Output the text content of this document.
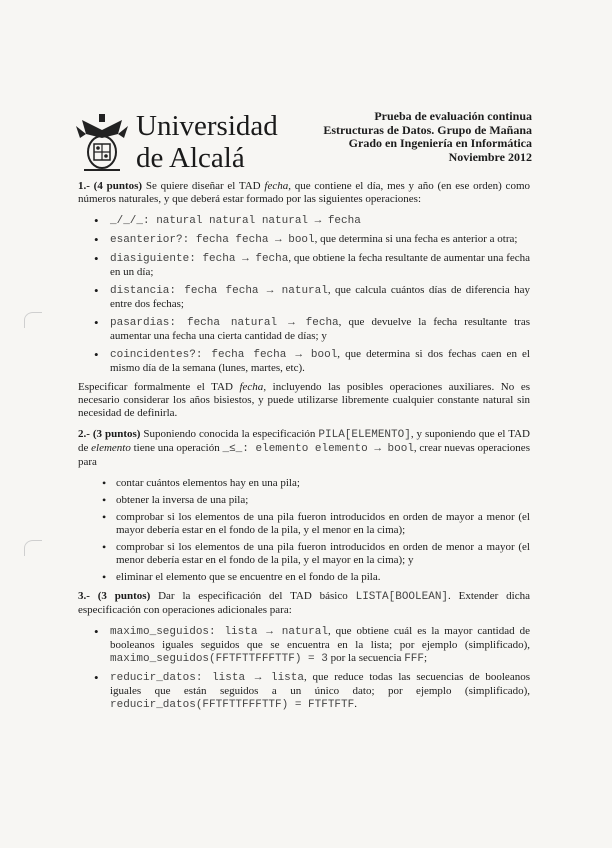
Universidad
de Alcalá
Prueba de evaluación continua
Estructuras de Datos. Grupo de Mañana
Grado en Ingeniería en Informática
Noviembre 2012

1.- (4 puntos) Se quiere diseñar el TAD fecha, que contiene el día, mes y año (en ese orden) como números naturales, y que deberá estar formado por las siguientes operaciones:

• _/_/_: natural natural natural → fecha
• esanterior?: fecha fecha → bool, que determina si una fecha es anterior a otra;
• diasiguiente: fecha → fecha, que obtiene la fecha resultante de aumentar una fecha en un día;
• distancia: fecha fecha → natural, que calcula cuántos días de diferencia hay entre dos fechas;
• pasardias: fecha natural → fecha, que devuelve la fecha resultante tras aumentar una fecha una cierta cantidad de días; y
• coincidentes?: fecha fecha → bool, que determina si dos fechas caen en el mismo día de la semana (lunes, martes, etc).

Especificar formalmente el TAD fecha, incluyendo las posibles operaciones auxiliares. No es necesario considerar los años bisiestos, y puede utilizarse libremente cualquier constante natural sin necesidad de definirla.

2.- (3 puntos) Suponiendo conocida la especificación PILA[ELEMENTO], y suponiendo que el TAD de elemento tiene una operación _≤_: elemento elemento → bool, crear nuevas operaciones para

• contar cuántos elementos hay en una pila;
• obtener la inversa de una pila;
• comprobar si los elementos de una pila fueron introducidos en orden de mayor a menor (el mayor debería estar en el fondo de la pila, y el menor en la cima);
• comprobar si los elementos de una pila fueron introducidos en orden de menor a mayor (el menor debería estar en el fondo de la pila, y el mayor en la cima); y
• eliminar el elemento que se encuentre en el fondo de la pila.

3.- (3 puntos) Dar la especificación del TAD básico LISTA[BOOLEAN]. Extender dicha especificación con operaciones adicionales para:

• maximo_seguidos: lista → natural, que obtiene cuál es la mayor cantidad de booleanos iguales seguidos que se encuentra en la lista; por ejemplo (simplificado), maximo_seguidos(FFTFTTFFFTTF) = 3 por la secuencia FFF;
• reducir_datos: lista → lista, que reduce todas las secuencias de booleanos iguales que están seguidos a un único dato; por ejemplo (simplificado), reducir_datos(FFTFTTFFFTTF) = FTFTFTF.
